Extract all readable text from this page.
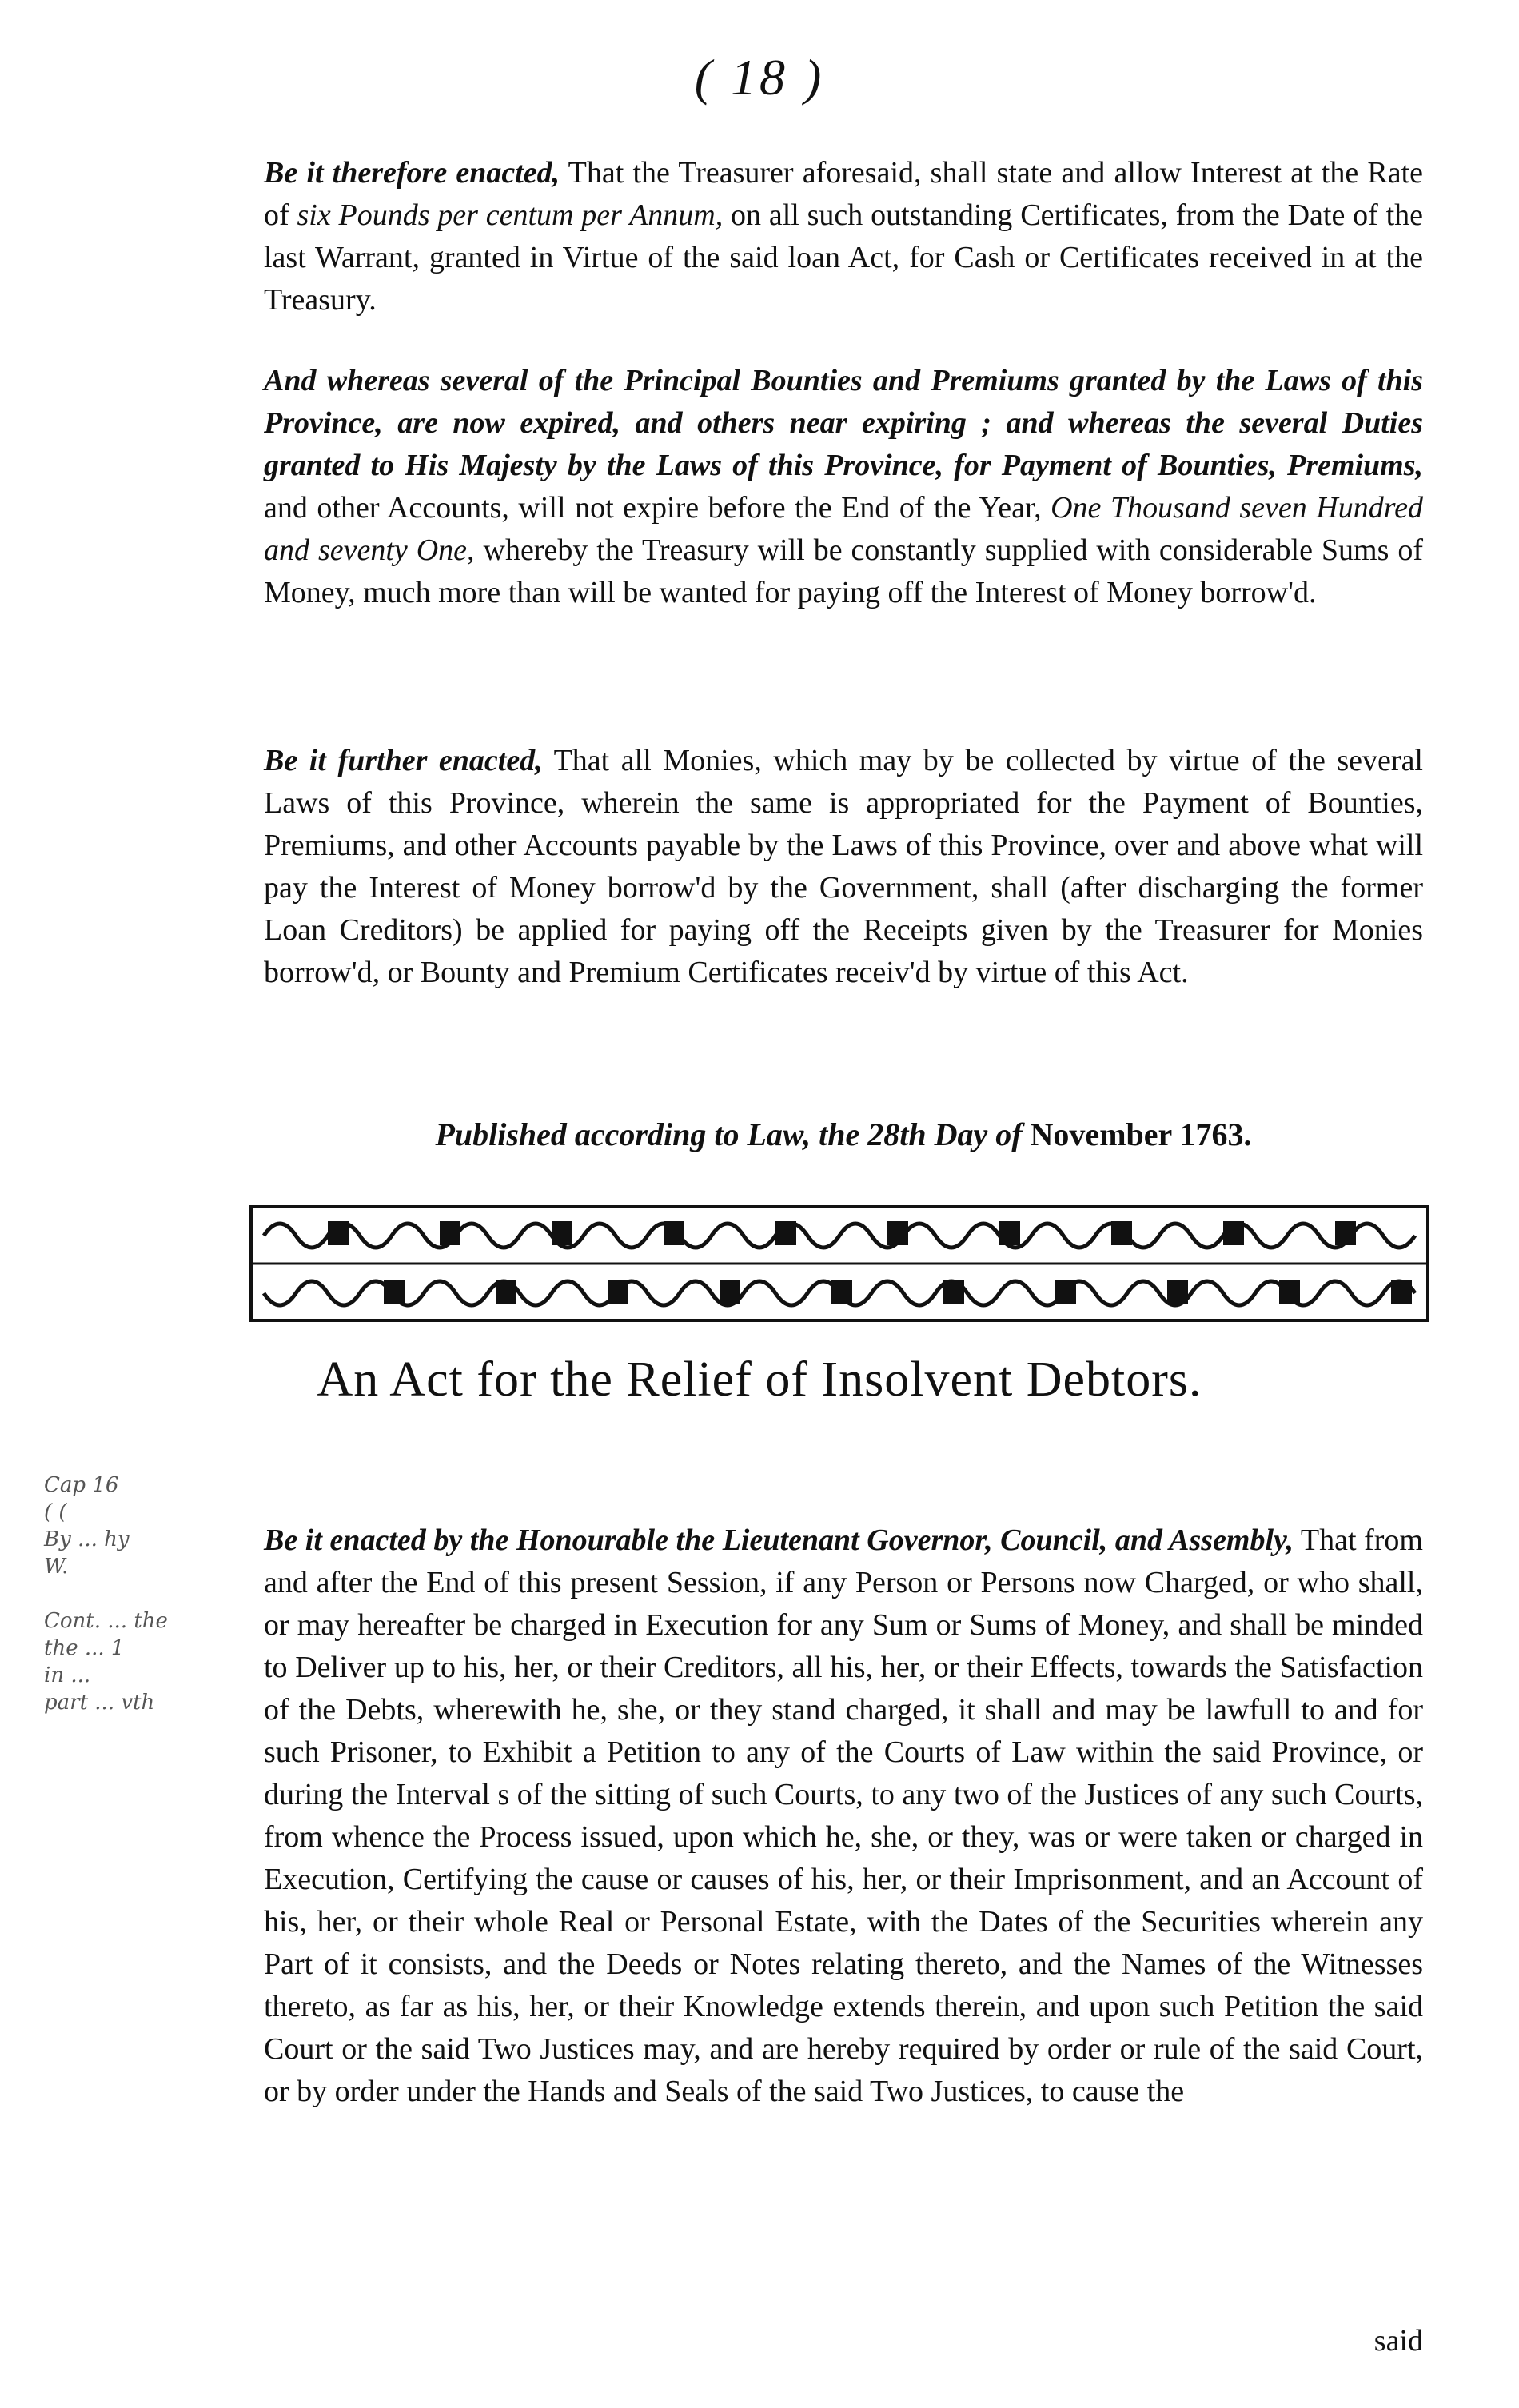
( 18 )
Be it therefore enacted, That the Treasurer aforesaid, shall state and allow Interest at the Rate of six Pounds per centum per Annum, on all such outstanding Certificates, from the Date of the last Warrant, granted in Virtue of the said loan Act, for Cash or Certificates received in at the Treasury.
And whereas several of the Principal Bounties and Premiums granted by the Laws of this Province, are now expired, and others near expiring ; and whereas the several Duties granted to His Majesty by the Laws of this Province, for Payment of Bounties, Premiums, and other Accounts, will not expire before the End of the Year, One Thousand seven Hundred and seventy One, whereby the Treasury will be constantly supplied with considerable Sums of Money, much more than will be wanted for paying off the Interest of Money borrow'd.
Be it further enacted, That all Monies, which may by be collected by virtue of the several Laws of this Province, wherein the same is appropriated for the Payment of Bounties, Premiums, and other Accounts payable by the Laws of this Province, over and above what will pay the Interest of Money borrow'd by the Government, shall (after discharging the former Loan Creditors) be applied for paying off the Receipts given by the Treasurer for Monies borrow'd, or Bounty and Premium Certificates receiv'd by virtue of this Act.
Published according to Law, the 28th Day of November 1763.
An Act for the Relief of Insolvent Debtors.
Cap 16
( (
By ... hy
W.

Cont. ... the
the ... 1
in ...
part ... vth
Be it enacted by the Honourable the Lieutenant Governor, Council, and Assembly, That from and after the End of this present Session, if any Person or Persons now Charged, or who shall, or may hereafter be charged in Execution for any Sum or Sums of Money, and shall be minded to Deliver up to his, her, or their Creditors, all his, her, or their Effects, towards the Satisfaction of the Debts, wherewith he, she, or they stand charged, it shall and may be lawfull to and for such Prisoner, to Exhibit a Petition to any of the Courts of Law within the said Province, or during the Interval s of the sitting of such Courts, to any two of the Justices of any such Courts, from whence the Process issued, upon which he, she, or they, was or were taken or charged in Execution, Certifying the cause or causes of his, her, or their Imprisonment, and an Account of his, her, or their whole Real or Personal Estate, with the Dates of the Securities wherein any Part of it consists, and the Deeds or Notes relating thereto, and the Names of the Witnesses thereto, as far as his, her, or their Knowledge extends therein, and upon such Petition the said Court or the said Two Justices may, and are hereby required by order or rule of the said Court, or by order under the Hands and Seals of the said Two Justices, to cause the
said
